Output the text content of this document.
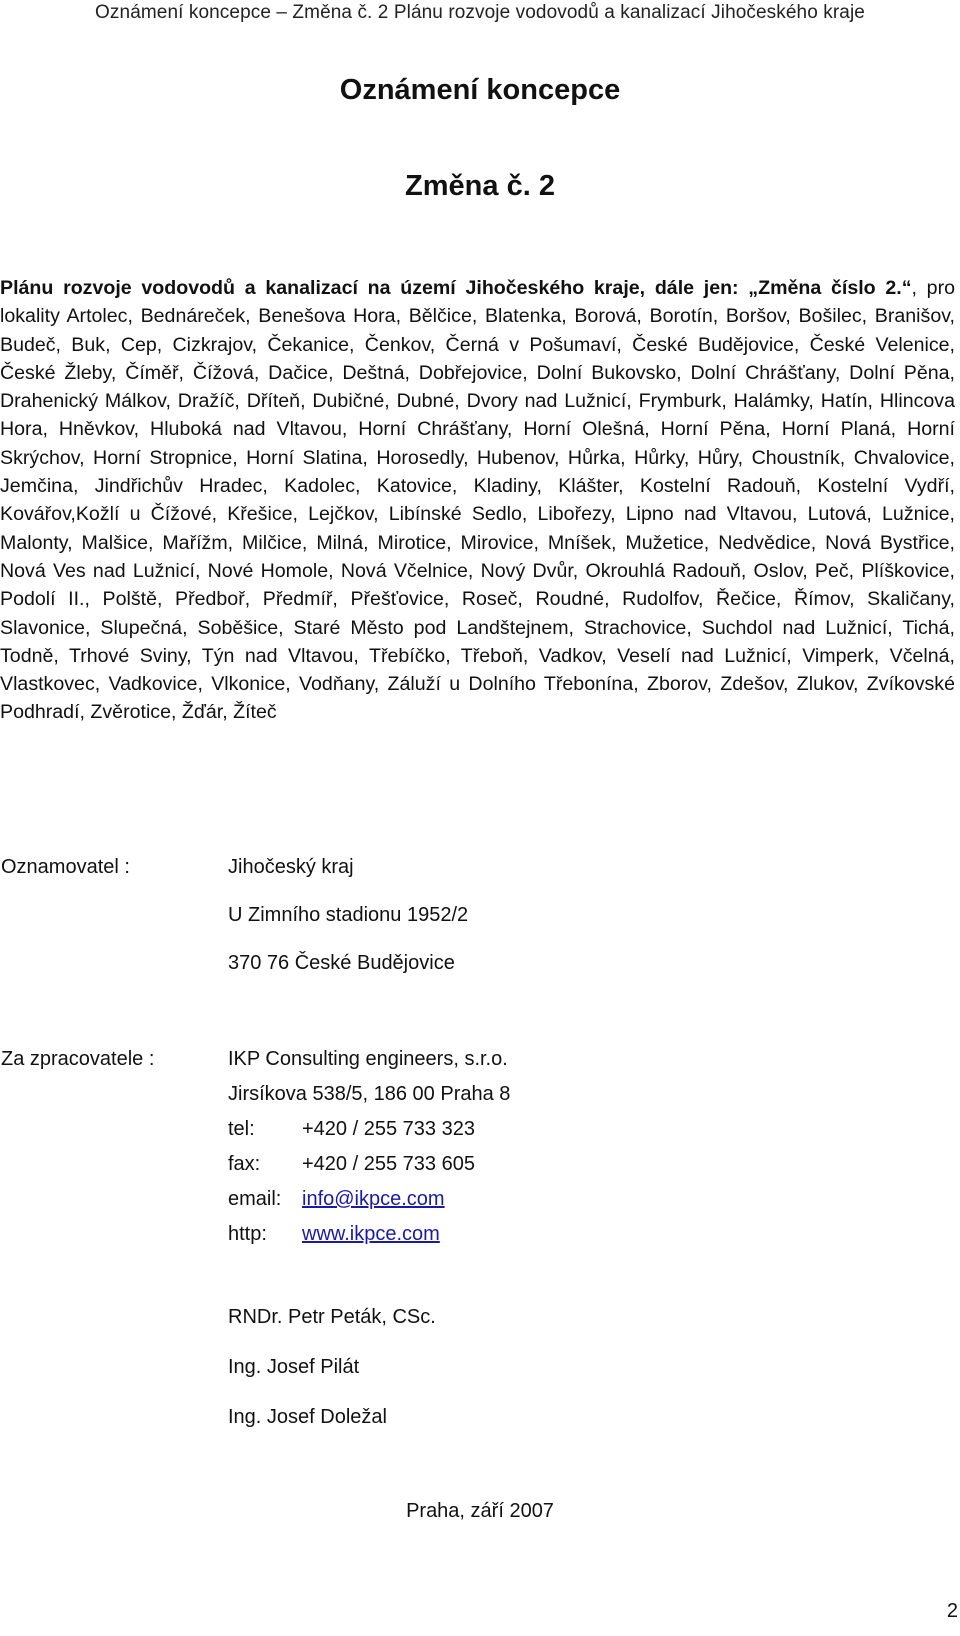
Oznámení koncepce – Změna č. 2 Plánu rozvoje vodovodů a kanalizací Jihočeského kraje
Oznámení koncepce
Změna č. 2
Plánu rozvoje vodovodů a kanalizací na území Jihočeského kraje, dále jen: „Změna číslo 2.“, pro lokality Artolec, Bednáreček, Benešova Hora, Bělčice, Blatenka, Borová, Borotín, Boršov, Bošilec, Branišov, Budeč, Buk, Cep, Cizkrajov, Čekanice, Čenkov, Černá v Pošumaví, České Budějovice, České Velenice, České Žleby, Číměř, Čížová, Dačice, Deštná, Dobřejovice, Dolní Bukovsko, Dolní Chrášťany, Dolní Pěna, Drahenický Málkov, Dražíč, Dříteň, Dubičné, Dubné, Dvory nad Lužnicí, Frymburk, Halámky, Hatín, Hlincova Hora, Hněvkov, Hluboká nad Vltavou, Horní Chrášťany, Horní Olešná, Horní Pěna, Horní Planá, Horní Skrýchov, Horní Stropnice, Horní Slatina, Horosedly, Hubenov, Hůrka, Hůrky, Hůry, Choustník, Chvalovice, Jemčina, Jindřichův Hradec, Kadolec, Katovice, Kladiny, Klášter, Kostelní Radouň, Kostelní Vydří, Kovářov,Kožlí u Čížové, Křešice, Lejčkov, Libínské Sedlo, Libořezy, Lipno nad Vltavou, Lutová, Lužnice, Malonty, Malšice, Mařížm, Milčice, Milná, Mirotice, Mirovice, Mníšek, Mužetice, Nedvědice, Nová Bystřice, Nová Ves nad Lužnicí, Nové Homole, Nová Včelnice, Nový Dvůr, Okrouhlá Radouň, Oslov, Peč, Plíškovice, Podolí II., Polště, Předboř, Předmíř, Přešťovice, Roseč, Roudné, Rudolfov, Řečice, Římov, Skaličany, Slavonice, Slupečná, Soběšice, Staré Město pod Landštejnem, Strachovice, Suchdol nad Lužnicí, Tichá, Todně, Trhové Sviny, Týn nad Vltavou, Třebíčko, Třeboň, Vadkov, Veselí nad Lužnicí, Vimperk, Včelná, Vlastkovec, Vadkovice, Vlkonice, Vodňany, Záluží u Dolního Třebonína, Zborov, Zdešov, Zlukov, Zvíkovské Podhradí, Zvěrotice, Žďár, Žíteč
Oznamovatel :	Jihočeský kraj
U Zimního stadionu 1952/2
370 76 České Budějovice
Za zpracovatele :	IKP Consulting engineers, s.r.o.
Jirsíkova 538/5, 186 00 Praha 8
tel: +420 / 255 733 323
fax: +420 / 255 733 605
email: info@ikpce.com
http: www.ikpce.com
RNDr. Petr Peták, CSc.
Ing. Josef Pilát
Ing. Josef Doležal
Praha, září 2007
2
